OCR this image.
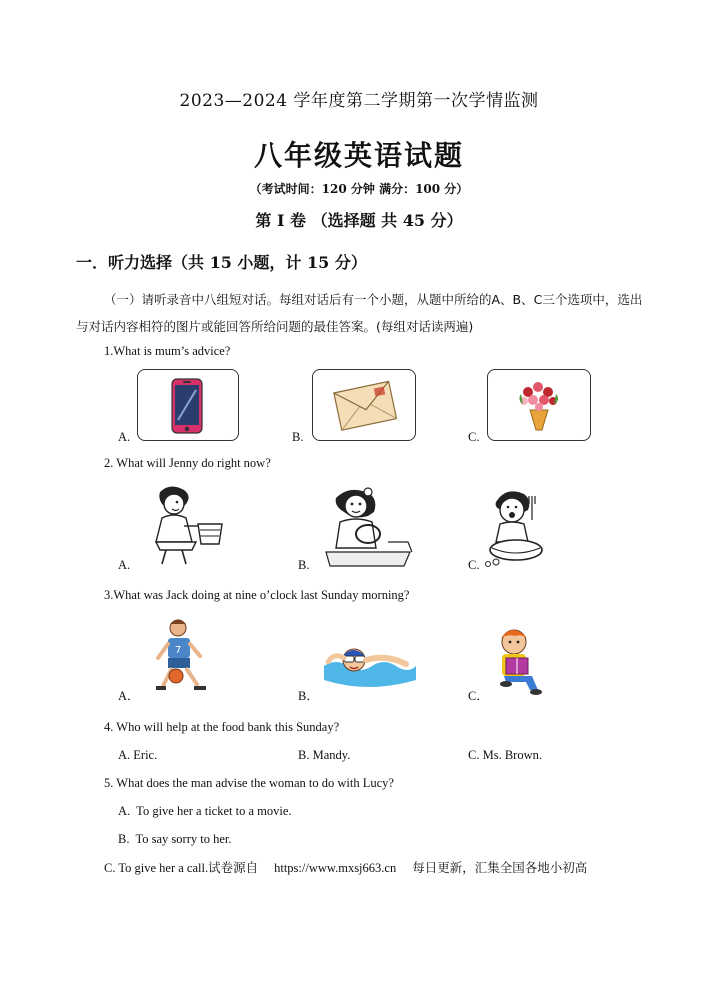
2023—2024 学年度第二学期第一次学情监测
八年级英语试题
（考试时间：120 分钟 满分：100 分）
第 I 卷 （选择题 共 45 分）
一．听力选择（共 15 小题，计 15 分）
（一）请听录音中八组短对话。每组对话后有一个小题，从题中所给的A、B、C三个选项中，选出与对话内容相符的图片或能回答所给问题的最佳答案。(每组对话读两遍)
1.What is mum’s advice?
A.	B.	C.
2. What will Jenny do right now?
A.	B.	C.
3.What was Jack doing at nine o’clock last Sunday morning?
A．
7
B．	C．
4. Who will help at the food bank this Sunday?
A. Eric.	B. Mandy.	C. Ms. Brown.
5. What does the man advise the woman to do with Lucy?
A.  To give her a ticket to a movie.
B.  To say sorry to her.
C. To give her a call.试卷源自 https://www.mxsj663.cn 每日更新，汇集全国各地小初高
